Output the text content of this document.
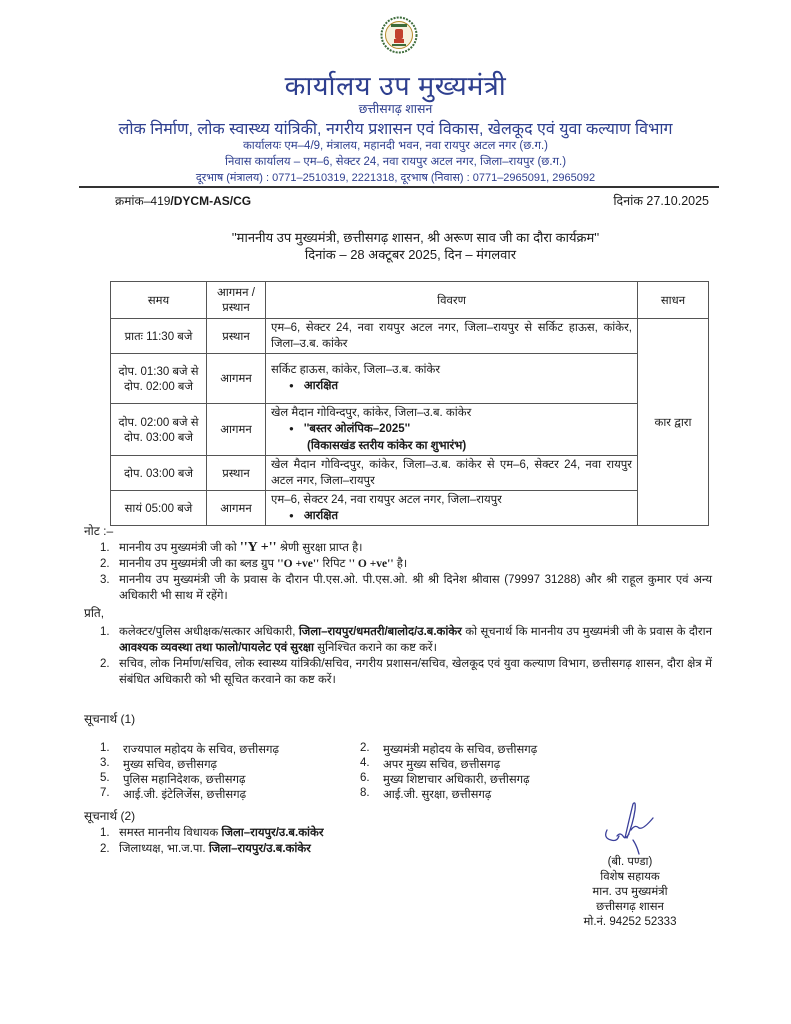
कार्यालय उप मुख्यमंत्री
छत्तीसगढ़ शासन
लोक निर्माण, लोक स्वास्थ्य यांत्रिकी, नगरीय प्रशासन एवं विकास, खेलकूद एवं युवा कल्याण विभाग
कार्यालयः एम–4/9, मंत्रालय, महानदी भवन, नवा रायपुर अटल नगर (छ.ग.)
निवास कार्यालय – एम–6, सेक्टर 24, नवा रायपुर अटल नगर, जिला–रायपुर (छ.ग.)
दूरभाष (मंत्रालय) : 0771–2510319, 2221318, दूरभाष (निवास) : 0771–2965091, 2965092
क्रमांक–419/DYCM-AS/CG	दिनांक 27.10.2025
''माननीय उप मुख्यमंत्री, छत्तीसगढ़ शासन, श्री अरूण साव जी का दौरा कार्यक्रम''
दिनांक – 28 अक्टूबर 2025, दिन – मंगलवार
समय	आगमन / प्रस्थान	विवरण	साधन
प्रातः 11:30 बजे	प्रस्थान	एम–6, सेक्टर 24, नवा रायपुर अटल नगर, जिला–रायपुर से सर्किट हाऊस, कांकेर, जिला–उ.ब. कांकेर	कार द्वारा
दोप. 01:30 बजे से दोप. 02:00 बजे	आगमन	सर्किट हाऊस, कांकेर, जिला–उ.ब. कांकेर
● आरक्षित

दोप. 02:00 बजे से दोप. 03:00 बजे	आगमन	खेल मैदान गोविन्दपुर, कांकेर, जिला–उ.ब. कांकेर
● ''बस्तर ओलंपिक–2025''
(विकासखंड स्तरीय कांकेर का शुभारंभ)

दोप. 03:00 बजे	प्रस्थान	खेल मैदान गोविन्दपुर, कांकेर, जिला–उ.ब. कांकेर से एम–6, सेक्टर 24, नवा रायपुर अटल नगर, जिला–रायपुर	
सायं 05:00 बजे	आगमन	एम–6, सेक्टर 24, नवा रायपुर अटल नगर, जिला–रायपुर
● आरक्षित
नोट :–
1. माननीय उप मुख्यमंत्री जी को ''Y +'' श्रेणी सुरक्षा प्राप्त है।
2. माननीय उप मुख्यमंत्री जी का ब्लड ग्रुप ''O +ve'' रिपिट '' O +ve'' है।
3. माननीय उप मुख्यमंत्री जी के प्रवास के दौरान पी.एस.ओ. पी.एस.ओ. श्री श्री दिनेश श्रीवास (79997 31288) और श्री राहूल कुमार एवं अन्य अधिकारी भी साथ में रहेंगे।
प्रति,
1. कलेक्टर/पुलिस अधीक्षक/सत्कार अधिकारी, जिला–रायपुर/धमतरी/बालोद/उ.ब.कांकेर को सूचनार्थ कि माननीय उप मुख्यमंत्री जी के प्रवास के दौरान आवश्यक व्यवस्था तथा फालो/पायलेट एवं सुरक्षा सुनिश्चित कराने का कष्ट करें।
2. सचिव, लोक निर्माण/सचिव, लोक स्वास्थ्य यांत्रिकी/सचिव, नगरीय प्रशासन/सचिव, खेलकूद एवं युवा कल्याण विभाग, छत्तीसगढ़ शासन, दौरा क्षेत्र में संबंधित अधिकारी को भी सूचित करवाने का कष्ट करें।
सूचनार्थ (1)
1.	राज्यपाल महोदय के सचिव, छत्तीसगढ़	2.	मुख्यमंत्री महोदय के सचिव, छत्तीसगढ़
3.	मुख्य सचिव, छत्तीसगढ़	4.	अपर मुख्य सचिव, छत्तीसगढ़
5.	पुलिस महानिदेशक, छत्तीसगढ़	6.	मुख्य शिष्टाचार अधिकारी, छत्तीसगढ़
7.	आई.जी. इंटेलिजेंस, छत्तीसगढ़	8.	आई.जी. सुरक्षा, छत्तीसगढ़
सूचनार्थ (2)
1. समस्त माननीय विधायक जिला–रायपुर/उ.ब.कांकेर
2. जिलाध्यक्ष, भा.ज.पा. जिला–रायपुर/उ.ब.कांकेर
(बी. पण्डा)
विशेष सहायक
मान. उप मुख्यमंत्री
छत्तीसगढ़ शासन
मो.नं. 94252 52333
